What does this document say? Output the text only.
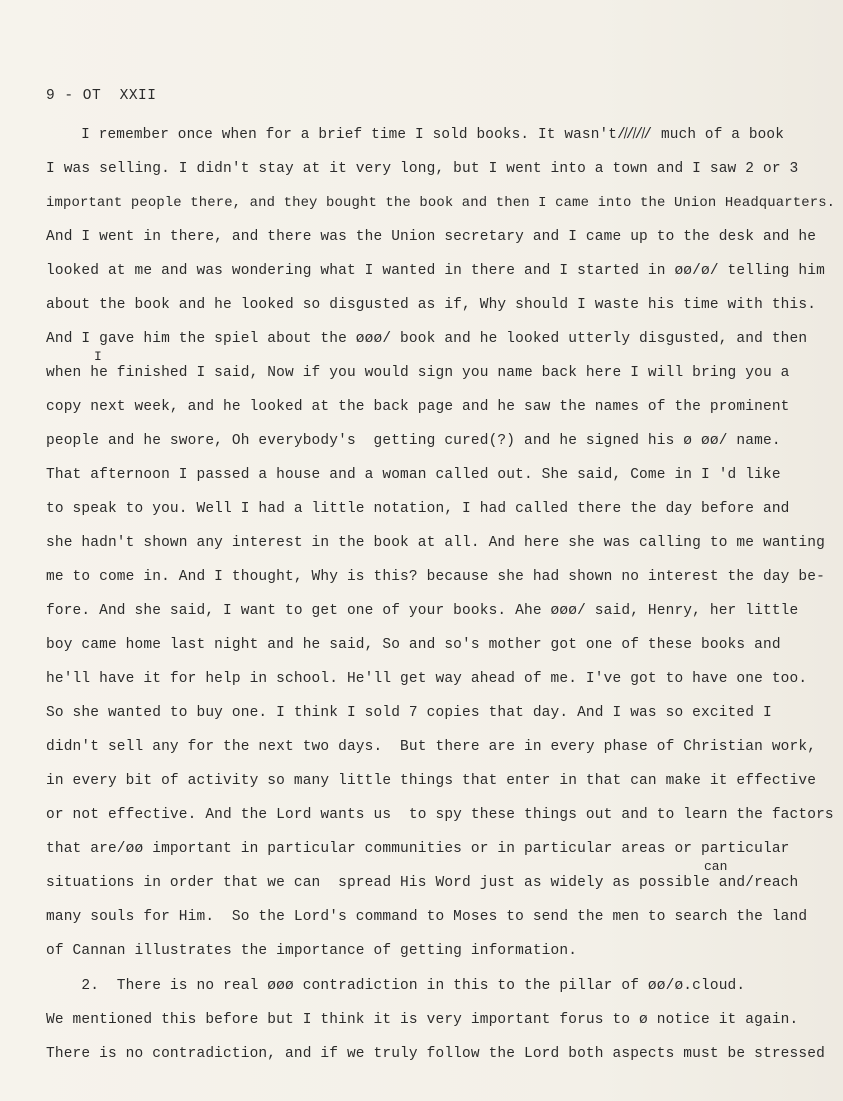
9 - OT  XXII
I remember once when for a brief time I sold books. It wasn't/̸/̸/̸/ much of a book
I was selling. I didn't stay at it very long, but I went into a town and I saw 2 or 3
important people there, and they bought the book and then I came into the Union Headquarters.
And I went in there, and there was the Union secretary and I came up to the desk and he
looked at me and was wondering what I wanted in there and I started in øø/ø/ telling him
about the book and he looked so disgusted as if, Why should I waste his time with this.
And I gave him the spiel about the øøø/ book and he looked utterly disgusted, and then
when he finished I said, Now if you would sign you name back here I will bring you a
copy next week, and he looked at the back page and he saw the names of the prominent
people and he swore, Oh everybody's  getting cured(?) and he signed his ø øø/ name.
That afternoon I passed a house and a woman called out. She said, Come in I 'd like
to speak to you. Well I had a little notation, I had called there the day before and
she hadn't shown any interest in the book at all. And here she was calling to me wanting
me to come in. And I thought, Why is this? because she had shown no interest the day be-
fore. And she said, I want to get one of your books. Ahe øøø/ said, Henry, her little
boy came home last night and he said, So and so's mother got one of these books and
he'll have it for help in school. He'll get way ahead of me. I've got to have one too.
So she wanted to buy one. I think I sold 7 copies that day. And I was so excited I
didn't sell any for the next two days.  But there are in every phase of Christian work,
in every bit of activity so many little things that enter in that can make it effective
or not effective. And the Lord wants us  to spy these things out and to learn the factors
that are/øø important in particular communities or in particular areas or particular
situations in order that we can  spread His Word just as widely as possible and/reach
many souls for Him.  So the Lord's command to Moses to send the men to search the land
of Cannan illustrates the importance of getting information.
2.  There is no real øøø contradiction in this to the pillar of øø/ø.cloud.
We mentioned this before but I think it is very important forus to ø notice it again.
There is no contradiction, and if we truly follow the Lord both aspects must be stressed
I
can
